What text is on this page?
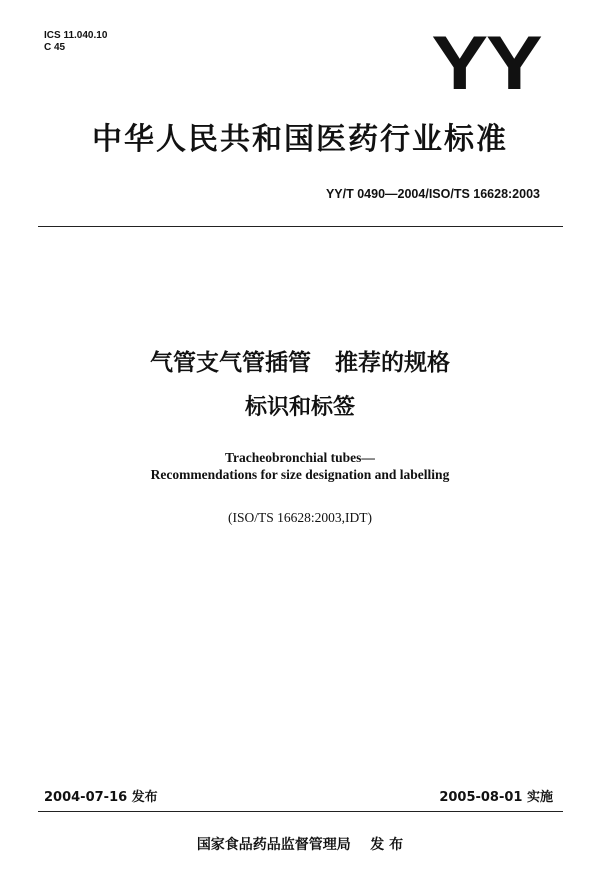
ICS 11.040.10
C 45	YY
中华人民共和国医药行业标准
YY/T 0490—2004/ISO/TS 16628:2003
气管支气管插管   推荐的规格
标识和标签
Tracheobronchial tubes—
Recommendations for size designation and labelling
(ISO/TS 16628:2003,IDT)
2004-07-16 发布	2005-08-01 实施
国家食品药品监督管理局    发 布
